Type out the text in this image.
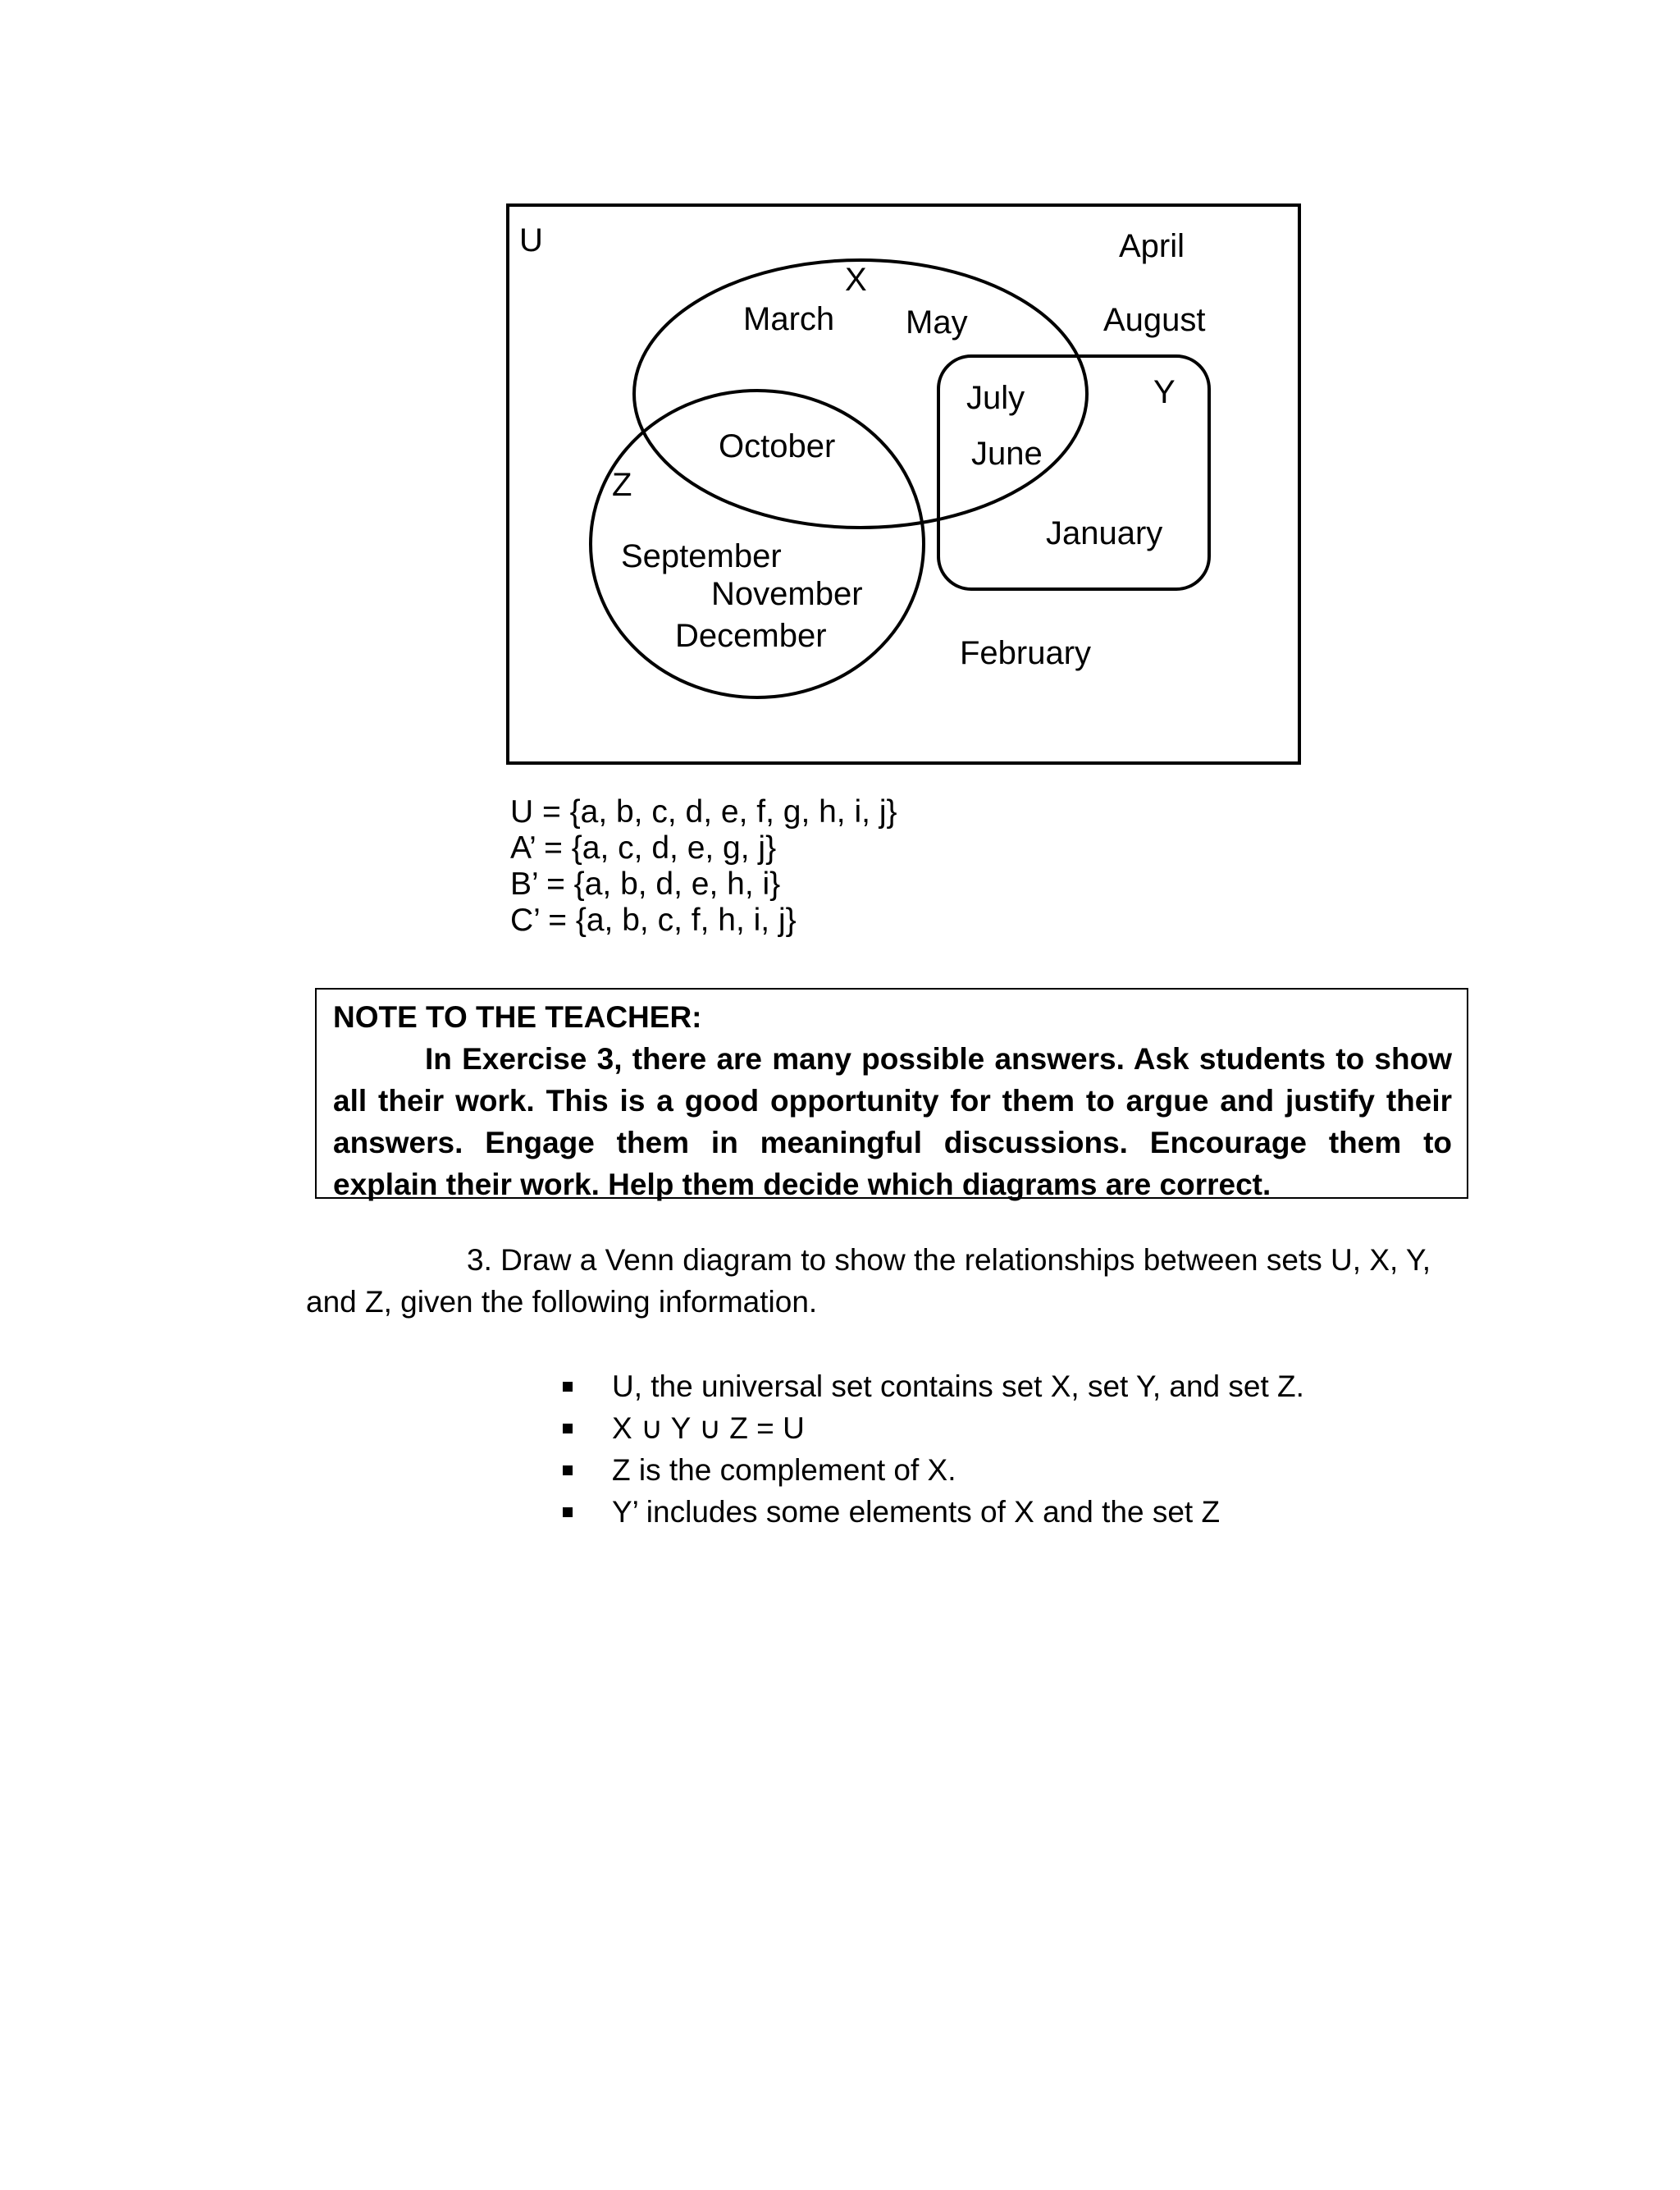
U
X
Y
Z
April
August
March May
July
June
October
January
September
November
December	February
U = {a, b, c, d, e, f, g, h, i, j}
A’ = {a, c, d, e, g, j}
B’ = {a, b, d, e, h, i}
C’ = {a, b, c, f, h, i, j}
NOTE TO THE TEACHER:
In Exercise 3, there are many possible answers. Ask students to show all their work. This is a good opportunity for them to argue and justify their answers. Engage them in meaningful discussions. Encourage them to explain their work. Help them decide which diagrams are correct.
3. Draw a Venn diagram to show the relationships between sets U, X, Y,
and Z, given the following information.
U, the universal set contains set X, set Y, and set Z.
X ∪ Y ∪ Z = U
Z is the complement of X.
Y’ includes some elements of X and the set Z
